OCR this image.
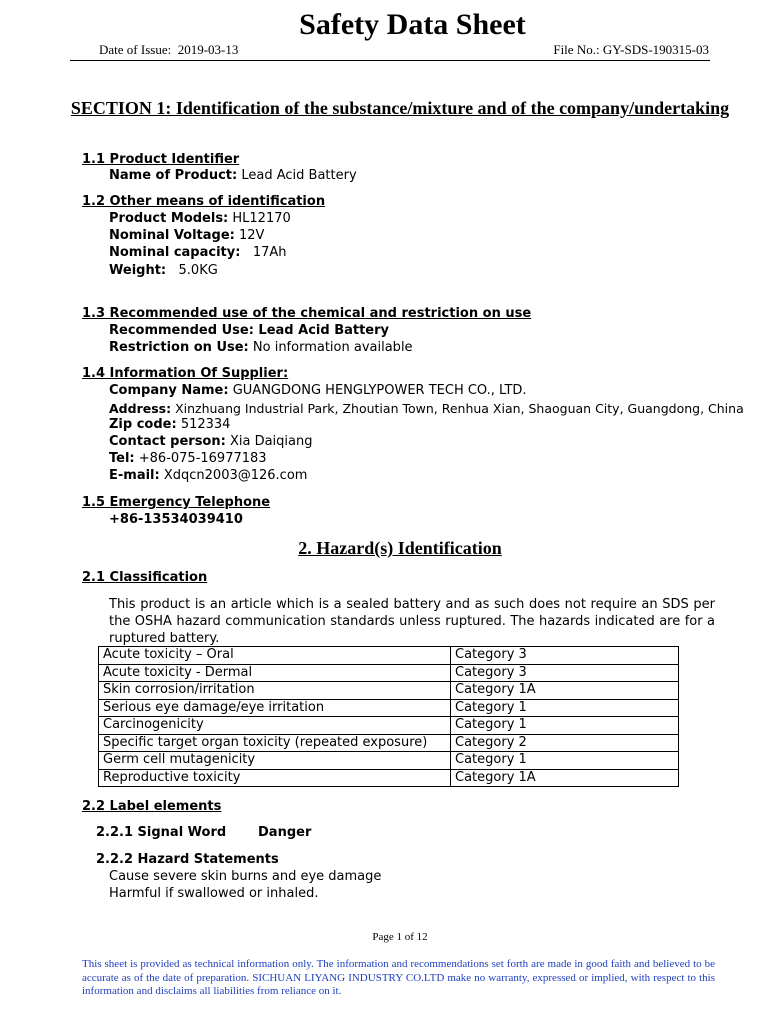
Safety Data Sheet
Date of Issue: 2019-03-13	File No.: GY-SDS-190315-03
SECTION 1: Identification of the substance/mixture and of the company/undertaking
1.1 Product Identifier
Name of Product: Lead Acid Battery
1.2 Other means of identification
Product Models: HL12170
Nominal Voltage: 12V
Nominal capacity:   17Ah
Weight:   5.0KG
1.3 Recommended use of the chemical and restriction on use
Recommended Use: Lead Acid Battery
Restriction on Use: No information available
1.4 Information Of Supplier:
Company Name: GUANGDONG HENGLYPOWER TECH CO., LTD.
Address: Xinzhuang Industrial Park, Zhoutian Town, Renhua Xian, Shaoguan City, Guangdong, China
Zip code: 512334
Contact person: Xia Daiqiang
Tel: +86-075-16977183
E-mail: Xdqcn2003@126.com
1.5 Emergency Telephone
+86-13534039410
2. Hazard(s) Identification
2.1 Classification
This product is an article which is a sealed battery and as such does not require an SDS per the OSHA hazard communication standards unless ruptured. The hazards indicated are for a ruptured battery.
Acute toxicity – Oral	Category 3
Acute toxicity - Dermal	Category 3
Skin corrosion/irritation	Category 1A
Serious eye damage/eye irritation	Category 1
Carcinogenicity	Category 1
Specific target organ toxicity (repeated exposure)	Category 2
Germ cell mutagenicity	Category 1
Reproductive toxicity	Category 1A
2.2 Label elements
2.2.1 Signal Word Danger
2.2.2 Hazard Statements
Cause severe skin burns and eye damage
Harmful if swallowed or inhaled.
Page 1 of 12
This sheet is provided as technical information only. The information and recommendations set forth are made in good faith and believed to be accurate as of the date of preparation. SICHUAN LIYANG INDUSTRY CO.LTD make no warranty, expressed or implied, with respect to this information and disclaims all liabilities from reliance on it.
